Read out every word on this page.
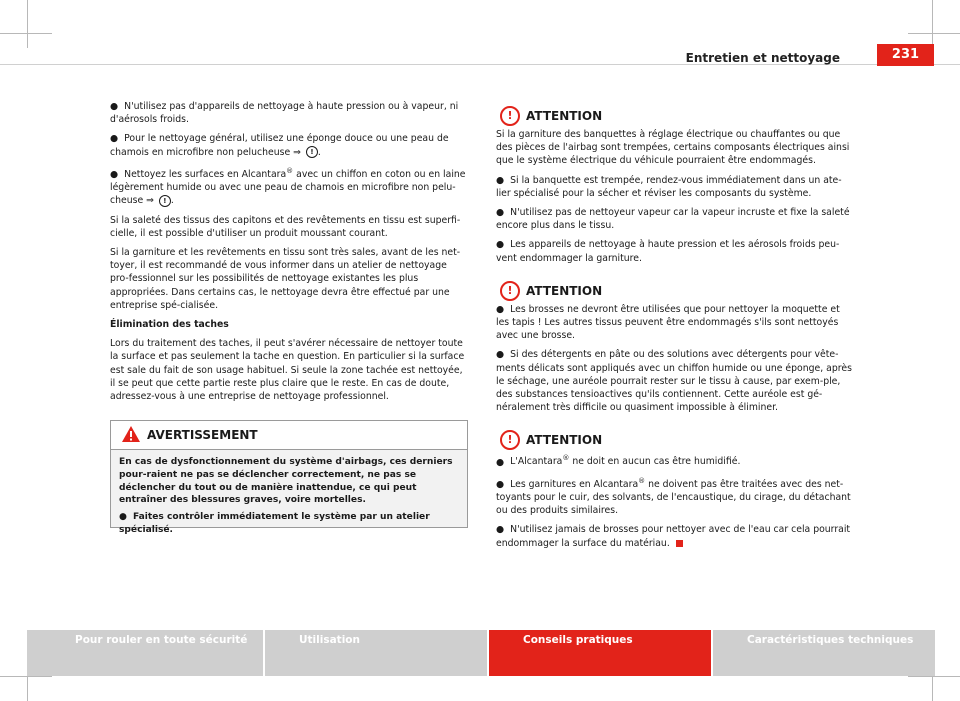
Entretien et nettoyage	231

● N'utilisez pas d'appareils de nettoyage à haute pression ou à vapeur, ni d'aérosols froids.

● Pour le nettoyage général, utilisez une éponge douce ou une peau de chamois en microfibre non pelucheuse ⇒ ! .

● Nettoyez les surfaces en Alcantara® avec un chiffon en coton ou en laine légèrement humide ou avec une peau de chamois en microfibre non pelu-cheuse ⇒ ! .

Si la saleté des tissus des capitons et des revêtements en tissu est superfi-cielle, il est possible d'utiliser un produit moussant courant.

Si la garniture et les revêtements en tissu sont très sales, avant de les net-toyer, il est recommandé de vous informer dans un atelier de nettoyage pro-fessionnel sur les possibilités de nettoyage existantes les plus appropriées. Dans certains cas, le nettoyage devra être effectué par une entreprise spé-cialisée.

Élimination des taches

Lors du traitement des taches, il peut s'avérer nécessaire de nettoyer toute la surface et pas seulement la tache en question. En particulier si la surface est sale du fait de son usage habituel. Si seule la zone tachée est nettoyée, il se peut que cette partie reste plus claire que le reste. En cas de doute, adressez-vous à une entreprise de nettoyage professionnel.

AVERTISSEMENT

En cas de dysfonctionnement du système d'airbags, ces derniers pour-raient ne pas se déclencher correctement, ne pas se déclencher du tout ou de manière inattendue, ce qui peut entraîner des blessures graves, voire mortelles.

● Faites contrôler immédiatement le système par un atelier spécialisé.

!	ATTENTION

Si la garniture des banquettes à réglage électrique ou chauffantes ou que des pièces de l'airbag sont trempées, certains composants électriques ainsi que le système électrique du véhicule pourraient être endommagés.

● Si la banquette est trempée, rendez-vous immédiatement dans un ate-lier spécialisé pour la sécher et réviser les composants du système.

● N'utilisez pas de nettoyeur vapeur car la vapeur incruste et fixe la saleté encore plus dans le tissu.

● Les appareils de nettoyage à haute pression et les aérosols froids peu-vent endommager la garniture.

!	ATTENTION

● Les brosses ne devront être utilisées que pour nettoyer la moquette et les tapis ! Les autres tissus peuvent être endommagés s'ils sont nettoyés avec une brosse.

● Si des détergents en pâte ou des solutions avec détergents pour vête-ments délicats sont appliqués avec un chiffon humide ou une éponge, après le séchage, une auréole pourrait rester sur le tissu à cause, par exem-ple, des substances tensioactives qu'ils contiennent. Cette auréole est gé-néralement très difficile ou quasiment impossible à éliminer.

!	ATTENTION

● L'Alcantara® ne doit en aucun cas être humidifié.

● Les garnitures en Alcantara® ne doivent pas être traitées avec des net-toyants pour le cuir, des solvants, de l'encaustique, du cirage, du détachant ou des produits similaires.

● N'utilisez jamais de brosses pour nettoyer avec de l'eau car cela pourrait endommager la surface du matériau.

Pour rouler en toute sécurité	Utilisation	Conseils pratiques	Caractéristiques techniques
